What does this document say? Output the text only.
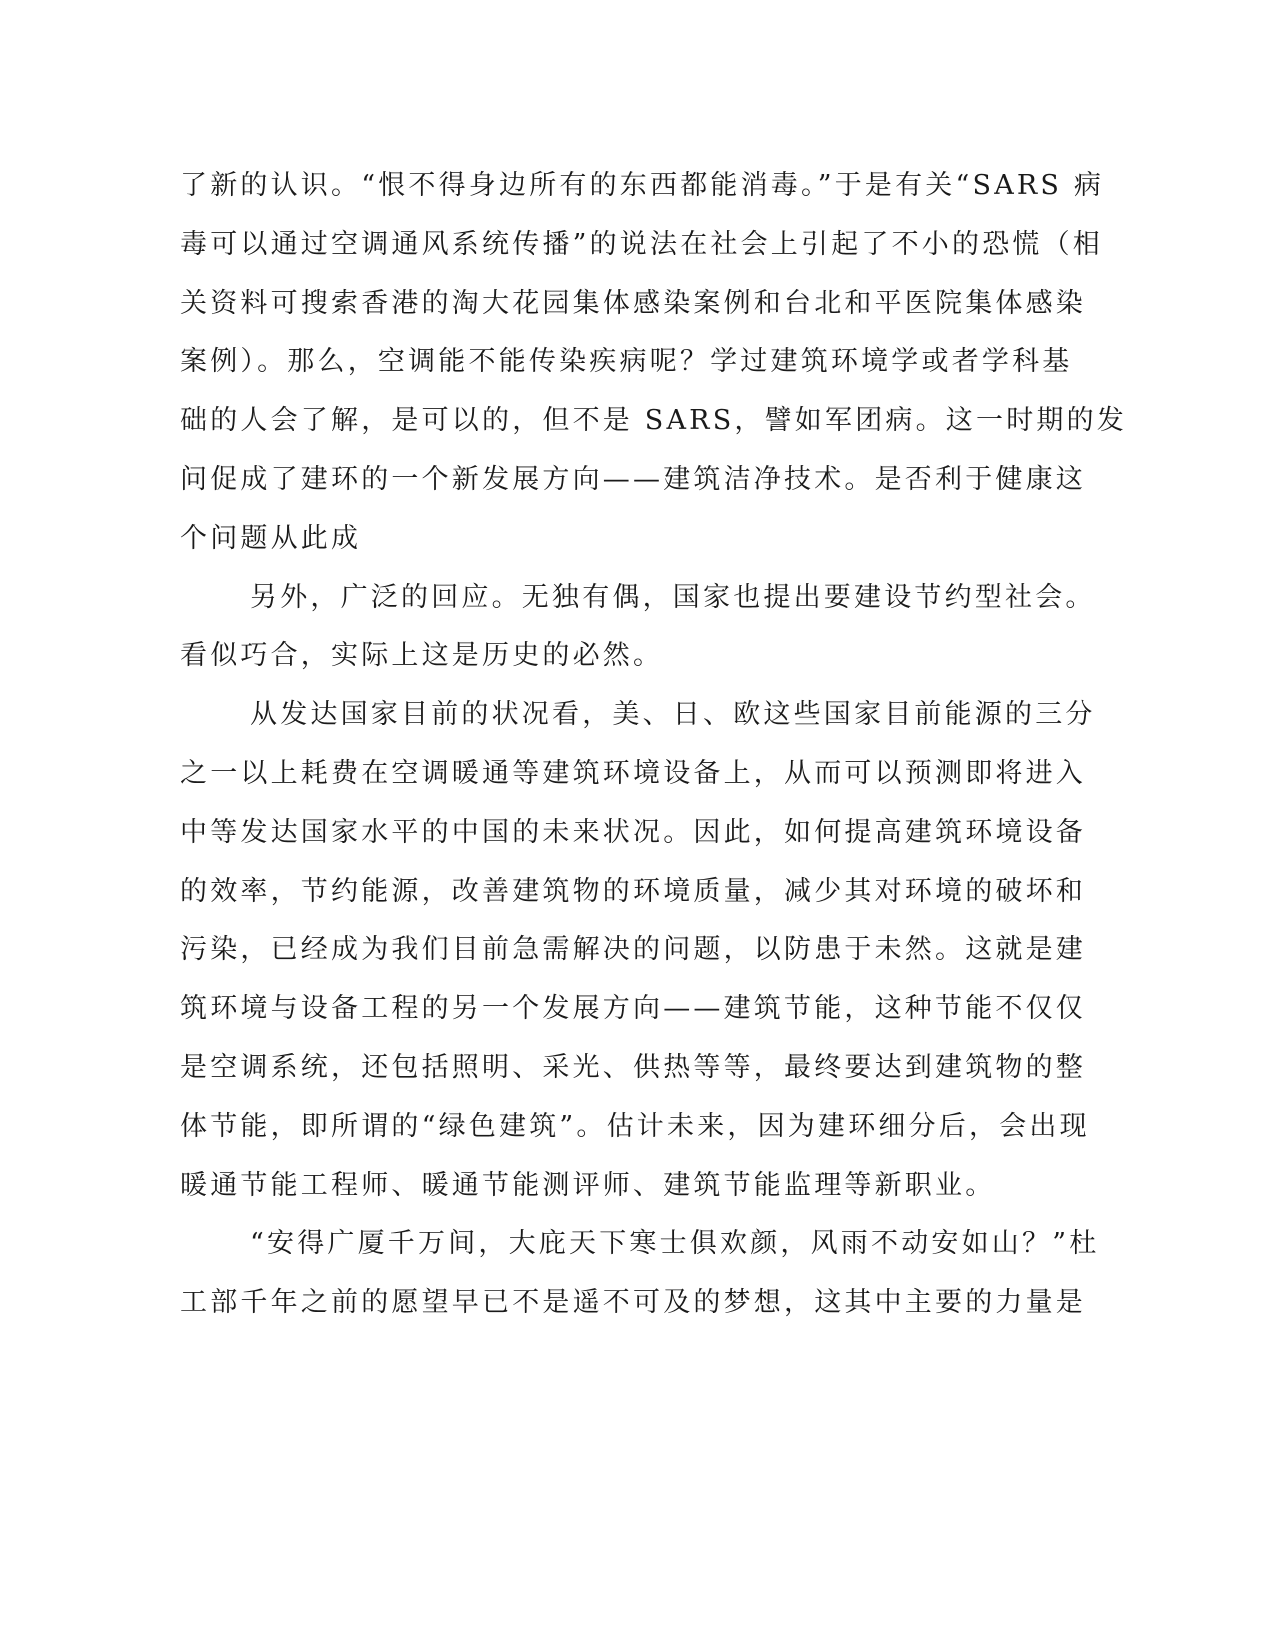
了新的认识。“恨不得身边所有的东西都能消毒。”于是有关“SARS 病
毒可以通过空调通风系统传播”的说法在社会上引起了不小的恐慌（相
关资料可搜索香港的淘大花园集体感染案例和台北和平医院集体感染
案例）。那么，空调能不能传染疾病呢？学过建筑环境学或者学科基
础的人会了解，是可以的，但不是 SARS，譬如军团病。这一时期的发
问促成了建环的一个新发展方向——建筑洁净技术。是否利于健康这
个问题从此成
另外，广泛的回应。无独有偶，国家也提出要建设节约型社会。
看似巧合，实际上这是历史的必然。
从发达国家目前的状况看，美、日、欧这些国家目前能源的三分
之一以上耗费在空调暖通等建筑环境设备上，从而可以预测即将进入
中等发达国家水平的中国的未来状况。因此，如何提高建筑环境设备
的效率，节约能源，改善建筑物的环境质量，减少其对环境的破坏和
污染，已经成为我们目前急需解决的问题，以防患于未然。这就是建
筑环境与设备工程的另一个发展方向——建筑节能，这种节能不仅仅
是空调系统，还包括照明、采光、供热等等，最终要达到建筑物的整
体节能，即所谓的“绿色建筑”。估计未来，因为建环细分后，会出现
暖通节能工程师、暖通节能测评师、建筑节能监理等新职业。
“安得广厦千万间，大庇天下寒士俱欢颜，风雨不动安如山？”杜
工部千年之前的愿望早已不是遥不可及的梦想，这其中主要的力量是
